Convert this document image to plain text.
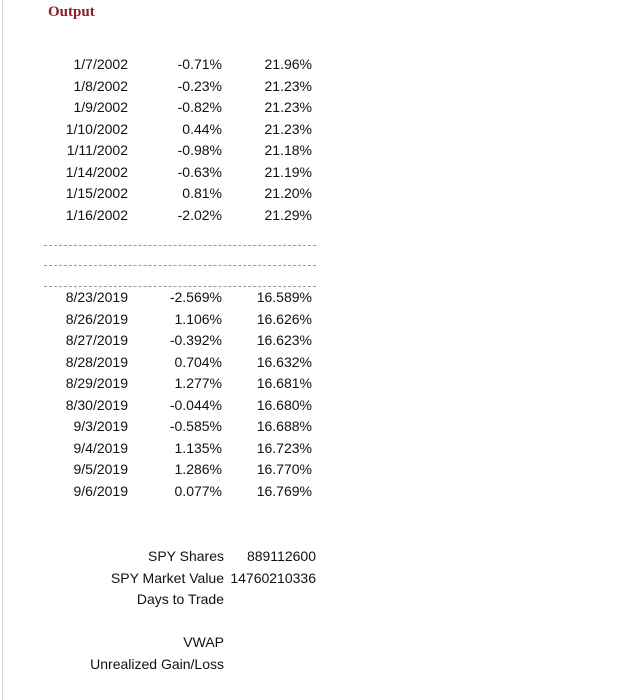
Output
1/7/2002	-0.71%	21.96%
1/8/2002	-0.23%	21.23%
1/9/2002	-0.82%	21.23%
1/10/2002	0.44%	21.23%
1/11/2002	-0.98%	21.18%
1/14/2002	-0.63%	21.19%
1/15/2002	0.81%	21.20%
1/16/2002	-2.02%	21.29%
8/23/2019	-2.569%	16.589%
8/26/2019	1.106%	16.626%
8/27/2019	-0.392%	16.623%
8/28/2019	0.704%	16.632%
8/29/2019	1.277%	16.681%
8/30/2019	-0.044%	16.680%
9/3/2019	-0.585%	16.688%
9/4/2019	1.135%	16.723%
9/5/2019	1.286%	16.770%
9/6/2019	0.077%	16.769%
SPY Shares 889112600
SPY Market Value 14760210336
Days to Trade
VWAP
Unrealized Gain/Loss
